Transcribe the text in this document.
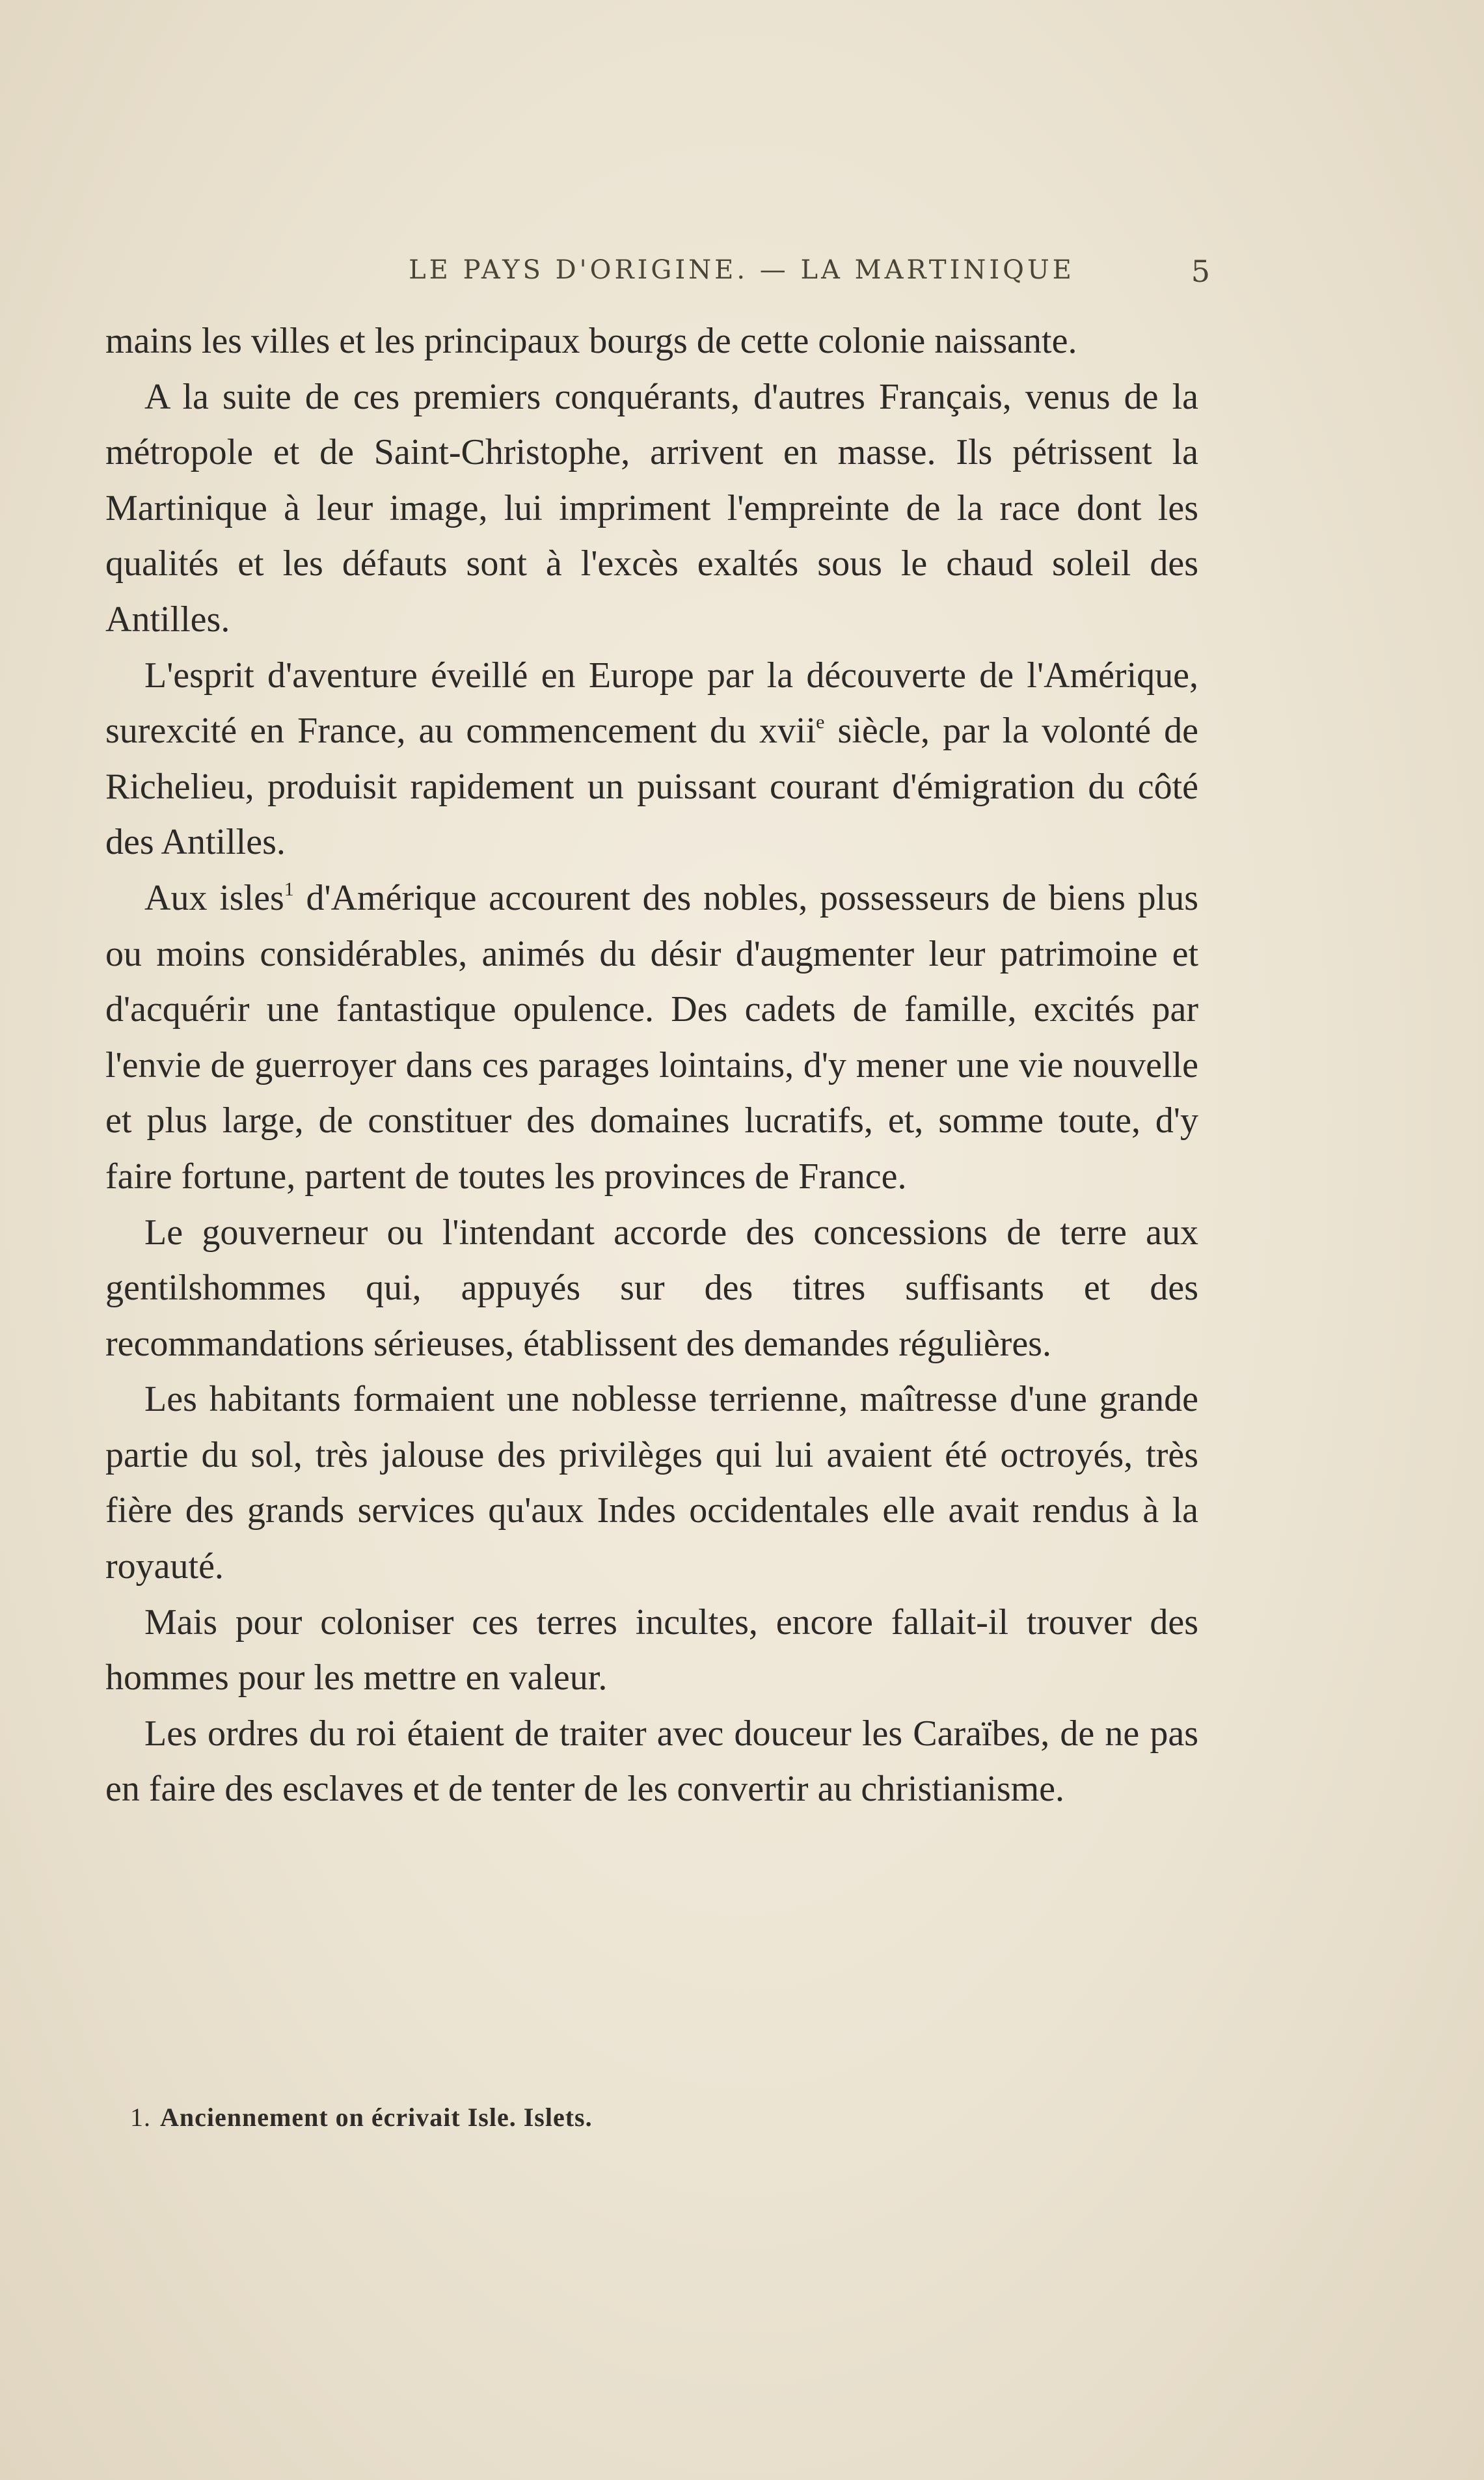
LE PAYS D'ORIGINE. — LA MARTINIQUE	5

mains les villes et les principaux bourgs de cette colonie naissante.

A la suite de ces premiers conquérants, d'autres Français, venus de la métropole et de Saint-Christophe, arrivent en masse. Ils pétrissent la Martinique à leur image, lui impriment l'empreinte de la race dont les qualités et les défauts sont à l'excès exaltés sous le chaud soleil des Antilles.

L'esprit d'aventure éveillé en Europe par la découverte de l'Amérique, surexcité en France, au commencement du xvii$^e$ siècle, par la volonté de Richelieu, produisit rapidement un puissant courant d'émigration du côté des Antilles.

Aux isles$^1$ d'Amérique accourent des nobles, possesseurs de biens plus ou moins considérables, animés du désir d'augmenter leur patrimoine et d'acquérir une fantastique opulence. Des cadets de famille, excités par l'envie de guerroyer dans ces parages lointains, d'y mener une vie nouvelle et plus large, de constituer des domaines lucratifs, et, somme toute, d'y faire fortune, partent de toutes les provinces de France.

Le gouverneur ou l'intendant accorde des concessions de terre aux gentilshommes qui, appuyés sur des titres suffisants et des recommandations sérieuses, établissent des demandes régulières.

Les habitants formaient une noblesse terrienne, maîtresse d'une grande partie du sol, très jalouse des privilèges qui lui avaient été octroyés, très fière des grands services qu'aux Indes occidentales elle avait rendus à la royauté.

Mais pour coloniser ces terres incultes, encore fallait-il trouver des hommes pour les mettre en valeur.

Les ordres du roi étaient de traiter avec douceur les Caraïbes, de ne pas en faire des esclaves et de tenter de les convertir au christianisme.

1. Anciennement on écrivait Isle. Islets.
